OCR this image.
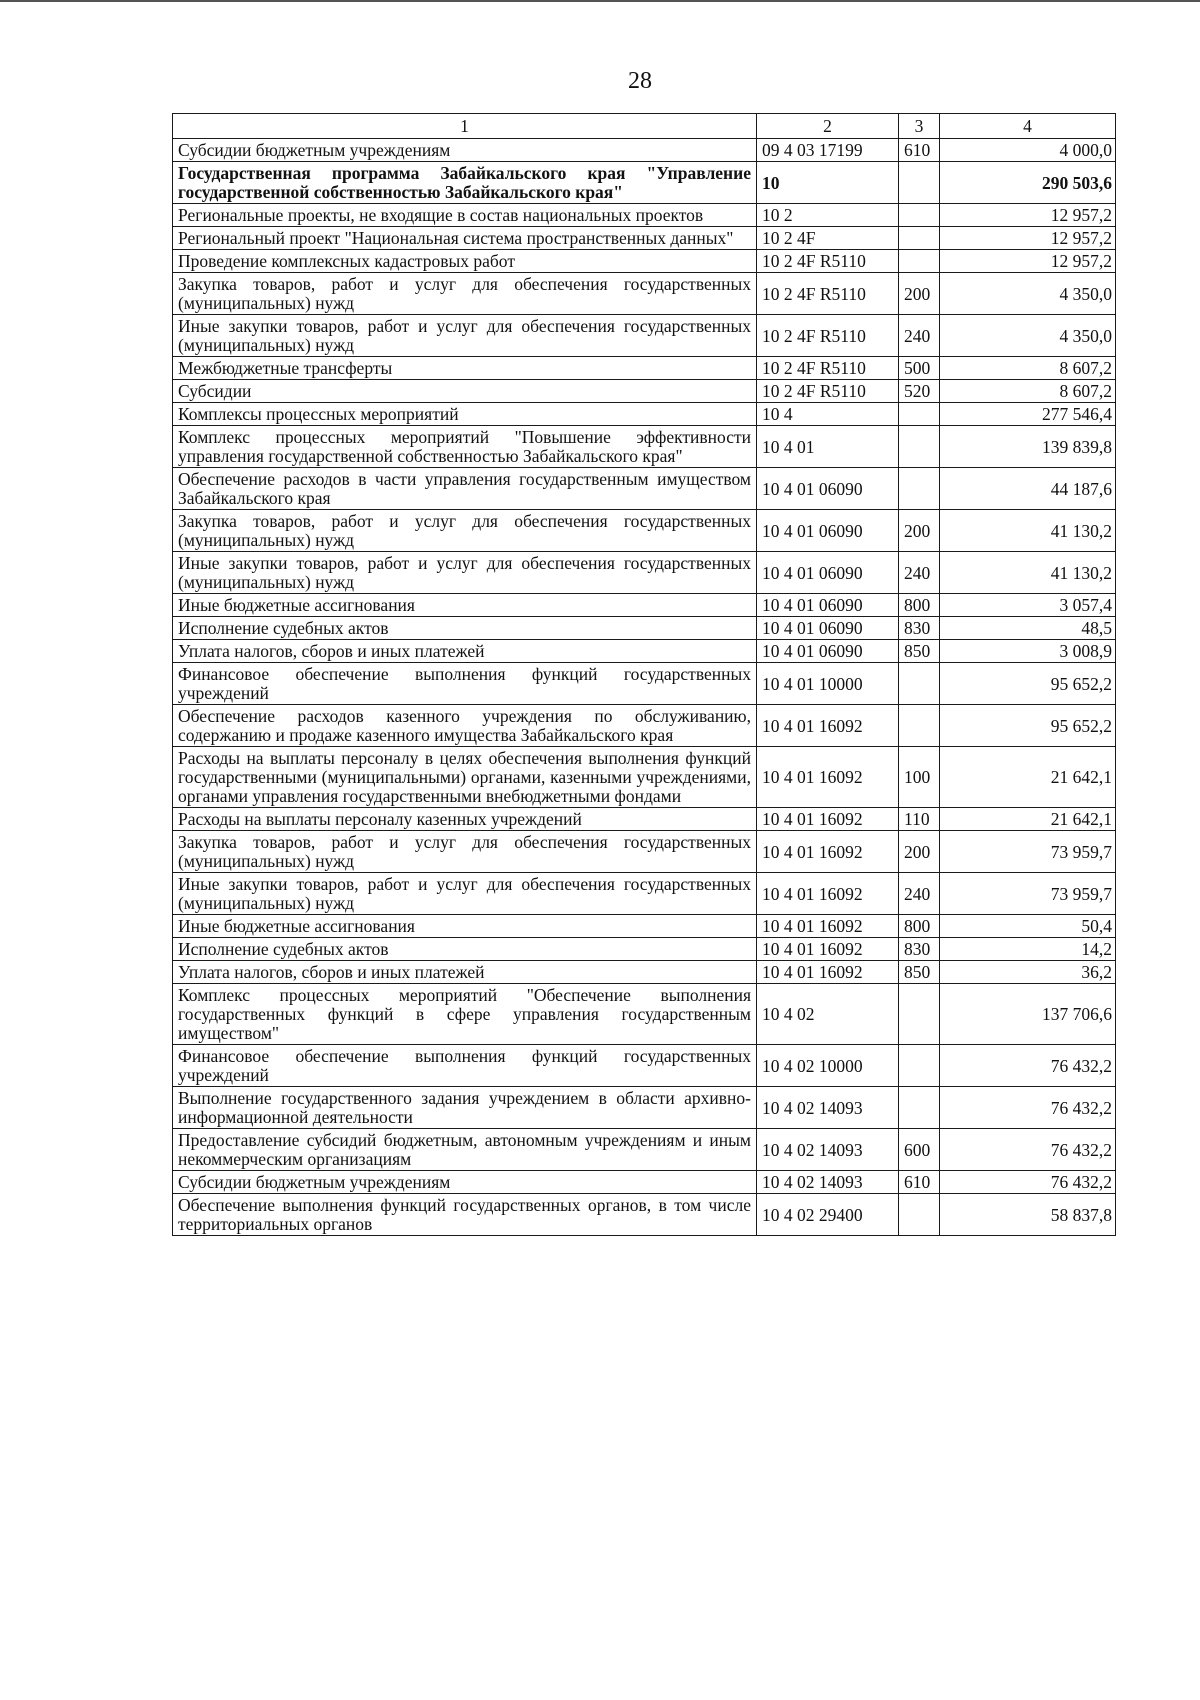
28
1	2	3	4
Субсидии бюджетным учреждениям	09 4 03 17199	610	4 000,0
Государственная программа Забайкальского края "Управление государственной собственностью Забайкальского края"	10		290 503,6
Региональные проекты, не входящие в состав национальных проектов	10 2		12 957,2
Региональный проект "Национальная система пространственных данных"	10 2 4F		12 957,2
Проведение комплексных кадастровых работ	10 2 4F R5110		12 957,2
Закупка товаров, работ и услуг для обеспечения государственных (муниципальных) нужд	10 2 4F R5110	200	4 350,0
Иные закупки товаров, работ и услуг для обеспечения государственных (муниципальных) нужд	10 2 4F R5110	240	4 350,0
Межбюджетные трансферты	10 2 4F R5110	500	8 607,2
Субсидии	10 2 4F R5110	520	8 607,2
Комплексы процессных мероприятий	10 4		277 546,4
Комплекс процессных мероприятий "Повышение эффективности управления государственной собственностью Забайкальского края"	10 4 01		139 839,8
Обеспечение расходов в части управления государственным имуществом Забайкальского края	10 4 01 06090		44 187,6
Закупка товаров, работ и услуг для обеспечения государственных (муниципальных) нужд	10 4 01 06090	200	41 130,2
Иные закупки товаров, работ и услуг для обеспечения государственных (муниципальных) нужд	10 4 01 06090	240	41 130,2
Иные бюджетные ассигнования	10 4 01 06090	800	3 057,4
Исполнение судебных актов	10 4 01 06090	830	48,5
Уплата налогов, сборов и иных платежей	10 4 01 06090	850	3 008,9
Финансовое обеспечение выполнения функций государственных учреждений	10 4 01 10000		95 652,2
Обеспечение расходов казенного учреждения по обслуживанию, содержанию и продаже казенного имущества Забайкальского края	10 4 01 16092		95 652,2
Расходы на выплаты персоналу в целях обеспечения выполнения функций государственными (муниципальными) органами, казенными учреждениями, органами управления государственными внебюджетными фондами	10 4 01 16092	100	21 642,1
Расходы на выплаты персоналу казенных учреждений	10 4 01 16092	110	21 642,1
Закупка товаров, работ и услуг для обеспечения государственных (муниципальных) нужд	10 4 01 16092	200	73 959,7
Иные закупки товаров, работ и услуг для обеспечения государственных (муниципальных) нужд	10 4 01 16092	240	73 959,7
Иные бюджетные ассигнования	10 4 01 16092	800	50,4
Исполнение судебных актов	10 4 01 16092	830	14,2
Уплата налогов, сборов и иных платежей	10 4 01 16092	850	36,2
Комплекс процессных мероприятий "Обеспечение выполнения государственных функций в сфере управления государственным имуществом"	10 4 02		137 706,6
Финансовое обеспечение выполнения функций государственных учреждений	10 4 02 10000		76 432,2
Выполнение государственного задания учреждением в области архивно-информационной деятельности	10 4 02 14093		76 432,2
Предоставление субсидий бюджетным, автономным учреждениям и иным некоммерческим организациям	10 4 02 14093	600	76 432,2
Субсидии бюджетным учреждениям	10 4 02 14093	610	76 432,2
Обеспечение выполнения функций государственных органов, в том числе территориальных органов	10 4 02 29400		58 837,8
